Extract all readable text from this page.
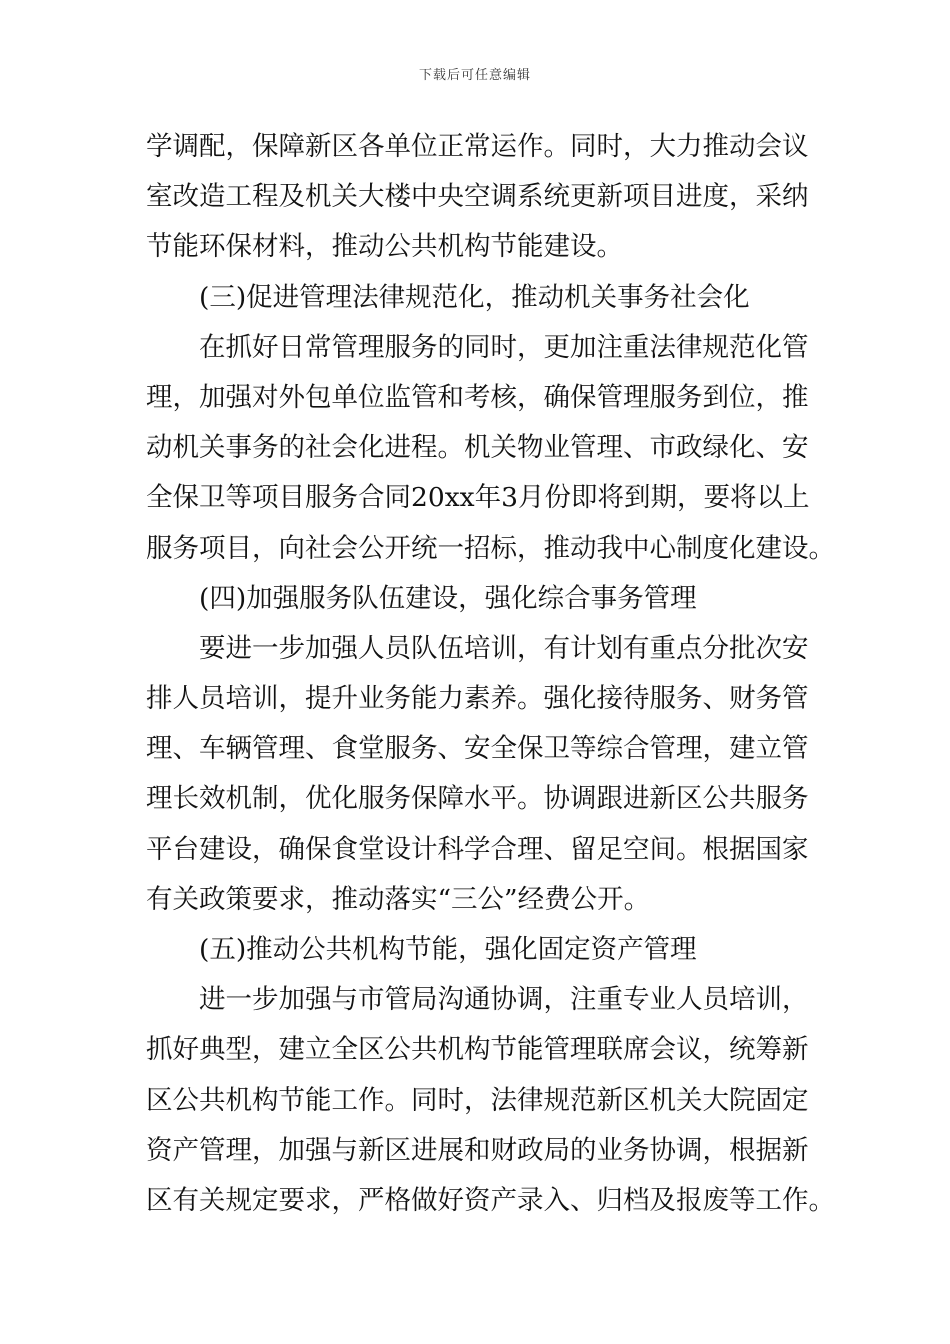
下载后可任意编辑
学调配，保障新区各单位正常运作。同时，大力推动会议
室改造工程及机关大楼中央空调系统更新项目进度，采纳
节能环保材料，推动公共机构节能建设。
(三)促进管理法律规范化，推动机关事务社会化
在抓好日常管理服务的同时，更加注重法律规范化管
理，加强对外包单位监管和考核，确保管理服务到位，推
动机关事务的社会化进程。机关物业管理、市政绿化、安
全保卫等项目服务合同20xx年3月份即将到期，要将以上
服务项目，向社会公开统一招标，推动我中心制度化建设。
(四)加强服务队伍建设，强化综合事务管理
要进一步加强人员队伍培训，有计划有重点分批次安
排人员培训，提升业务能力素养。强化接待服务、财务管
理、车辆管理、食堂服务、安全保卫等综合管理，建立管
理长效机制，优化服务保障水平。协调跟进新区公共服务
平台建设，确保食堂设计科学合理、留足空间。根据国家
有关政策要求，推动落实“三公”经费公开。
(五)推动公共机构节能，强化固定资产管理
进一步加强与市管局沟通协调，注重专业人员培训，
抓好典型，建立全区公共机构节能管理联席会议，统筹新
区公共机构节能工作。同时，法律规范新区机关大院固定
资产管理，加强与新区进展和财政局的业务协调，根据新
区有关规定要求，严格做好资产录入、归档及报废等工作。
